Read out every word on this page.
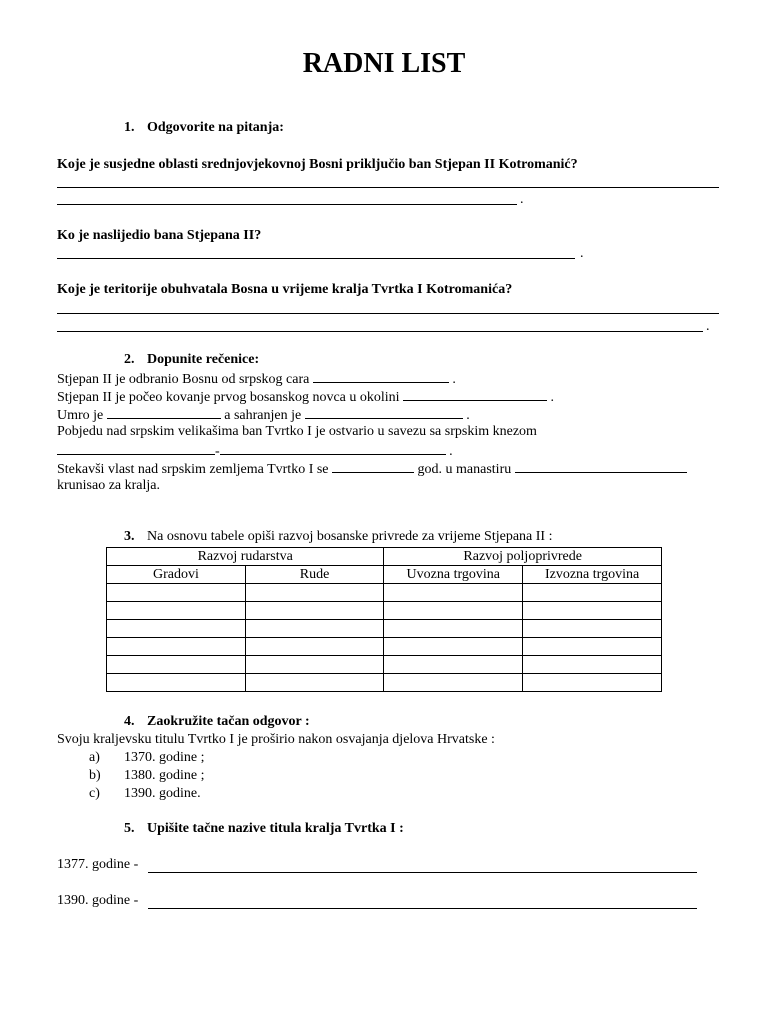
RADNI LIST
1. Odgovorite na pitanja:
Koje je susjedne oblasti srednjovjekovnoj Bosni priključio ban Stjepan II Kotromanić?
.
Ko je naslijedio bana Stjepana II?
.
Koje je teritorije obuhvatala Bosna u vrijeme kralja Tvrtka I Kotromanića?
.
2. Dopunite rečenice:
Stjepan II je odbranio Bosnu od srpskog cara	.
Stjepan II je počeo kovanje prvog bosanskog novca u okolini	.
Umro je	a sahranjen je	.
Pobjedu nad srpskim velikašima ban Tvrtko I je ostvario u savezu sa srpskim knezom
-	.
Stekavši vlast nad srpskim zemljema Tvrtko I se	god. u manastiru
krunisao za kralja.
3. Na osnovu tabele opiši razvoj bosanske privrede za vrijeme Stjepana II :
Razvoj rudarstva		Razvoj poljoprivrede	
Gradovi	Rude	Uvozna trgovina	Izvozna trgovina

4. Zaokružite tačan odgovor :
Svoju kraljevsku titulu Tvrtko I je proširio nakon osvajanja djelova Hrvatske :
a) 1370. godine ;
b) 1380. godine ;
c) 1390. godine.
5. Upišite tačne nazive titula kralja Tvrtka I :
1377. godine -
1390. godine -
